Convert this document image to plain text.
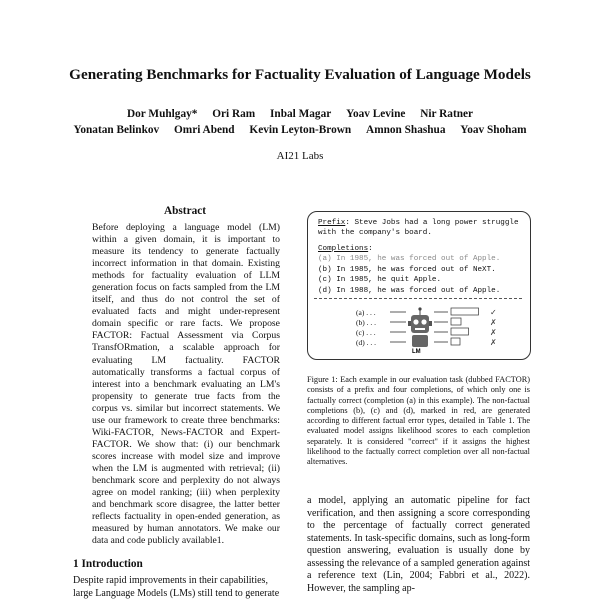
Generating Benchmarks for Factuality Evaluation of Language Models
Dor Muhlgay* Ori Ram Inbal Magar Yoav Levine Nir Ratner
Yonatan Belinkov Omri Abend Kevin Leyton-Brown Amnon Shashua Yoav Shoham
AI21 Labs
Abstract
Before deploying a language model (LM) within a given domain, it is important to measure its tendency to generate factually incorrect information in that domain. Existing methods for factuality evaluation of LLM generation focus on facts sampled from the LM itself, and thus do not control the set of evaluated facts and might under-represent domain specific or rare facts. We propose FACTOR: Factual Assessment via Corpus TransfORmation, a scalable approach for evaluating LM factuality. FACTOR automatically transforms a factual corpus of interest into a benchmark evaluating an LM's propensity to generate true facts from the corpus vs. similar but incorrect statements. We use our framework to create three benchmarks: Wiki-FACTOR, News-FACTOR and Expert-FACTOR. We show that: (i) our benchmark scores increase with model size and improve when the LM is augmented with retrieval; (ii) benchmark score and perplexity do not always agree on model ranking; (iii) when perplexity and benchmark score disagree, the latter better reflects factuality in open-ended generation, as measured by human annotators. We make our data and code publicly available1.
1 Introduction
Despite rapid improvements in their capabilities, large Language Models (LMs) still tend to generate
Prefix: Steve Jobs had a long power struggle with the company's board.
Completions:
(a) In 1985, he was forced out of Apple.
(b) In 1985, he was forced out of NeXT.
(c) In 1985, he quit Apple.
(d) In 1988, he was forced out of Apple.
(a) . . .
(b) . . .
(c) . . .
(d) . . .
LM
✓
✗
✗
✗
Figure 1: Each example in our evaluation task (dubbed FACTOR) consists of a prefix and four completions, of which only one is factually correct (completion (a) in this example). The non-factual completions (b), (c) and (d), marked in red, are generated according to different factual error types, detailed in Table 1. The evaluated model assigns likelihood scores to each completion separately. It is considered "correct" if it assigns the highest likelihood to the factually correct completion over all non-factual alternatives.
a model, applying an automatic pipeline for fact verification, and then assigning a score corresponding to the percentage of factually correct generated statements. In task-specific domains, such as long-form question answering, evaluation is usually done by assessing the relevance of a sampled generation against a reference text (Lin, 2004; Fabbri et al., 2022). However, the sampling ap-
